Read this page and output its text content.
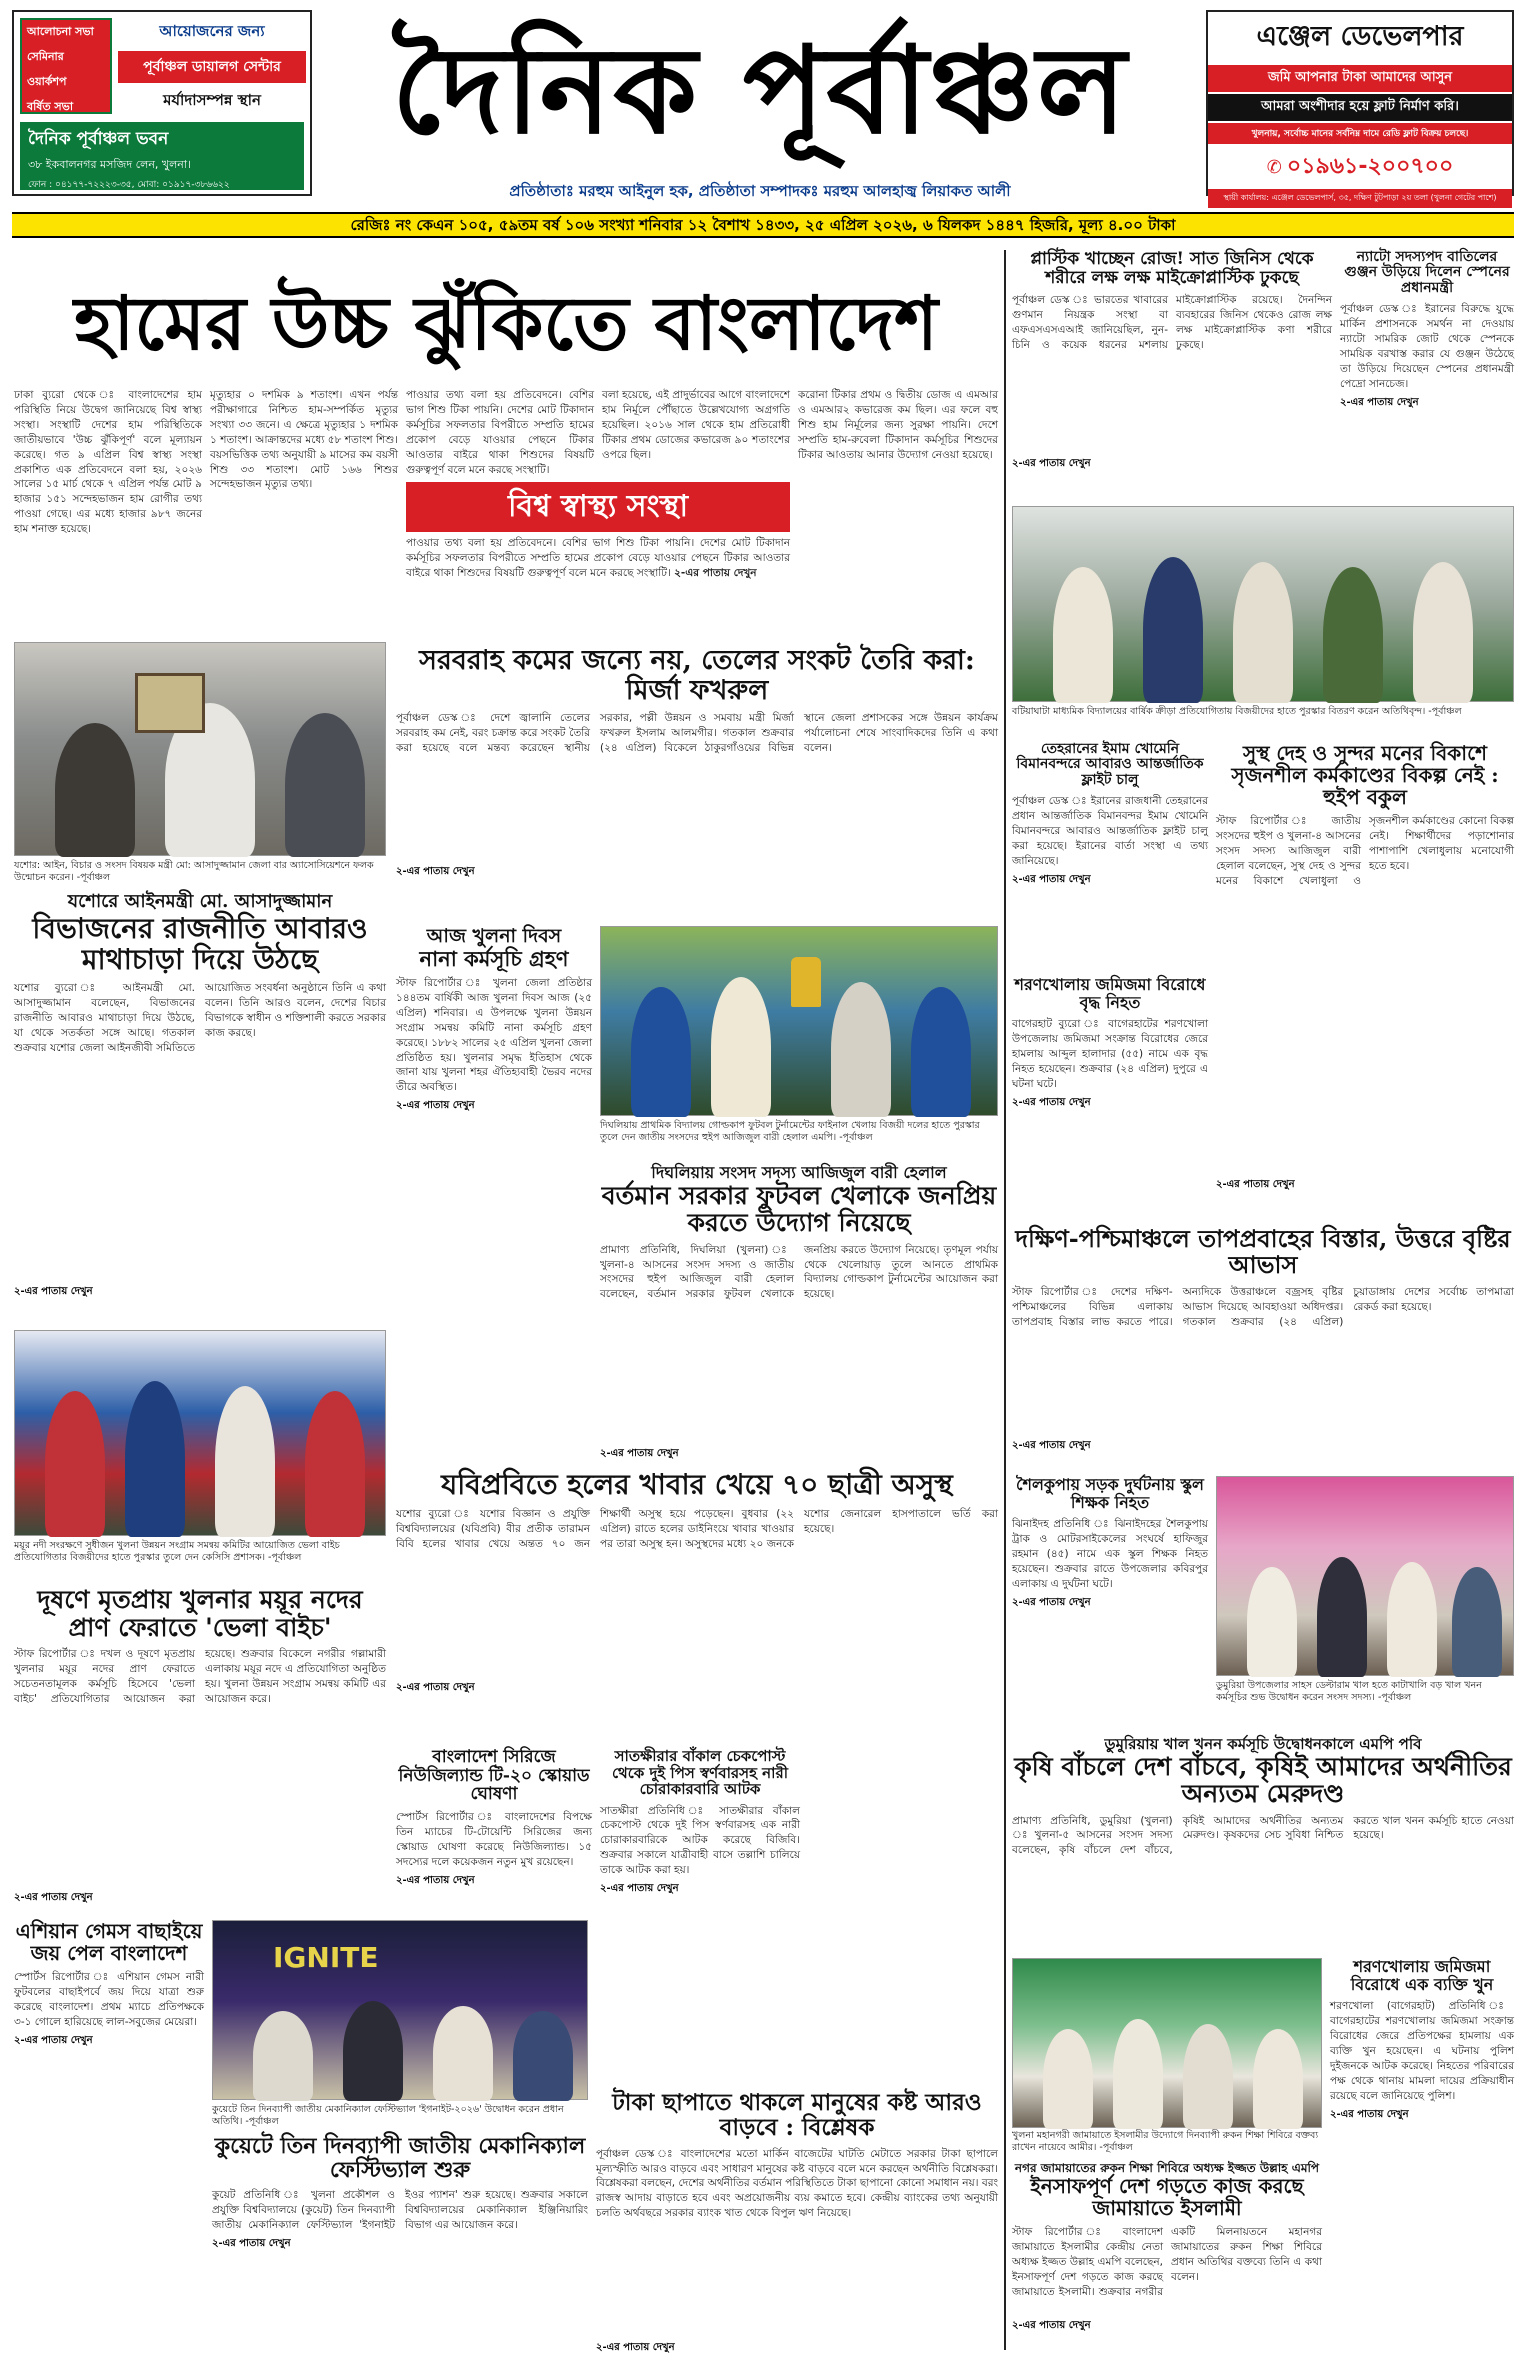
আলোচনা সভা
সেমিনার
ওয়ার্কশপ
বর্ষিত সভা
আয়োজনের জন্য
পূর্বাঞ্চল ডায়ালগ সেন্টার
মর্যাদাসম্পন্ন স্থান
দৈনিক পূর্বাঞ্চল ভবন
৩৮ ইকবালনগর মসজিদ লেন, খুলনা।
ফোন : ০৪১৭৭-৭২২২৩-৩৫, মোবা: ০১৯১৭-৩৮৬৬২২
দৈনিক পূর্বাঞ্চল	এঞ্জেল ডেভেলপার
জমি আপনার টাকা আমাদের আসুন
আমরা অংশীদার হয়ে ফ্লাট নির্মাণ করি।
খুলনায়, সর্বোচ্চ মানের সর্বনিম্ন দামে রেডি ফ্লাট বিক্রয় চলছে।
✆ ০১৯৬১-২০০৭০০
স্থায়ী কার্যালয়: এঞ্জেল ডেভেলপার্স, ৩৫, দক্ষিণ টুটপাড়া ২য় তলা (খুলনা গেটের পাশে)
প্রতিষ্ঠাতাঃ মরহুম আইনুল হক, প্রতিষ্ঠাতা সম্পাদকঃ মরহুম আলহাজ্ব লিয়াকত আলী
রেজিঃ নং কেএন ১০৫, ৫৯তম বর্ষ ১০৬ সংখ্যা শনিবার ১২ বৈশাখ ১৪৩৩, ২৫ এপ্রিল ২০২৬, ৬ যিলকদ ১৪৪৭ হিজরি, মূল্য ৪.০০ টাকা
হামের উচ্চ ঝুঁকিতে বাংলাদেশ
ঢাকা ব্যুরো থেকে ঃ বাংলাদেশের হাম পরিস্থিতি নিয়ে উদ্বেগ জানিয়েছে বিশ্ব স্বাস্থ্য সংস্থা। সংস্থাটি দেশের হাম পরিস্থিতিকে জাতীয়ভাবে 'উচ্চ ঝুঁকিপূর্ণ' বলে মূল্যায়ন করেছে। গত ৯ এপ্রিল বিশ্ব স্বাস্থ্য সংস্থা প্রকাশিত এক প্রতিবেদনে বলা হয়, ২০২৬ সালের ১৫ মার্চ থেকে ৭ এপ্রিল পর্যন্ত মোট ৯ হাজার ১৫১ সন্দেহভাজন হাম রোগীর তথ্য পাওয়া গেছে। এর মধ্যে হাজার ৯৮৭ জনের হাম শনাক্ত হয়েছে।
মৃত্যুহার ০ দশমিক ৯ শতাংশ। এখন পর্যন্ত পরীক্ষাগারে নিশ্চিত হাম-সম্পর্কিত মৃত্যুর সংখ্যা ৩৩ জনে। এ ক্ষেত্রে মৃত্যুহার ১ দশমিক ১ শতাংশ। আক্রান্তদের মধ্যে ৫৮ শতাংশ শিশু। বয়সভিত্তিক তথ্য অনুযায়ী ৯ মাসের কম বয়সী শিশু ৩৩ শতাংশ। মোট ১৬৬ শিশুর সন্দেহভাজন মৃত্যুর তথ্য।
পাওয়ার তথ্য বলা হয় প্রতিবেদনে। বেশির ভাগ শিশু টিকা পায়নি। দেশের মোট টিকাদান কর্মসূচির সফলতার বিপরীতে সম্প্রতি হামের প্রকোপ বেড়ে যাওয়ার পেছনে টিকার আওতার বাইরে থাকা শিশুদের বিষয়টি গুরুত্বপূর্ণ বলে মনে করছে সংস্থাটি।
বলা হয়েছে, এই প্রাদুর্ভাবের আগে বাংলাদেশে হাম নির্মূলে পৌঁছাতে উল্লেখযোগ্য অগ্রগতি হয়েছিল। ২০১৬ সাল থেকে হাম প্রতিরোধী টিকার প্রথম ডোজের কভারেজ ৯০ শতাংশের ওপরে ছিল।
বিশ্ব স্বাস্থ্য সংস্থা
পাওয়ার তথ্য বলা হয় প্রতিবেদনে। বেশির ভাগ শিশু টিকা পায়নি। দেশের মোট টিকাদান কর্মসূচির সফলতার বিপরীতে সম্প্রতি হামের প্রকোপ বেড়ে যাওয়ার পেছনে টিকার আওতার বাইরে থাকা শিশুদের বিষয়টি গুরুত্বপূর্ণ বলে মনে করছে সংস্থাটি। ২-এর পাতায় দেখুন
করোনা টিকার প্রথম ও দ্বিতীয় ডোজ এ এমআর ও এমআর২ কভারেজ কম ছিল। এর ফলে বহু শিশু হাম নির্মূলের জন্য সুরক্ষা পায়নি। দেশে সম্প্রতি হাম-রুবেলা টিকাদান কর্মসূচির শিশুদের টিকার আওতায় আনার উদ্যোগ নেওয়া হয়েছে।
যশোর: আইন, বিচার ও সংসদ বিষয়ক মন্ত্রী মো: আসাদুজ্জামান জেলা বার অ্যাসোসিয়েশনে ফলক উন্মোচন করেন। -পূর্বাঞ্চল
যশোরে আইনমন্ত্রী মো. আসাদুজ্জামান
বিভাজনের রাজনীতি আবারও মাথাচাড়া দিয়ে উঠছে
যশোর ব্যুরো ঃ আইনমন্ত্রী মো. আসাদুজ্জামান বলেছেন, বিভাজনের রাজনীতি আবারও মাথাচাড়া দিয়ে উঠছে, যা থেকে সতর্কতা সঙ্গে আছে। গতকাল শুক্রবার যশোর জেলা আইনজীবী সমিতিতে আয়োজিত সংবর্ধনা অনুষ্ঠানে তিনি এ কথা বলেন। তিনি আরও বলেন, দেশের বিচার বিভাগকে স্বাধীন ও শক্তিশালী করতে সরকার কাজ করছে।
২-এর পাতায় দেখুন
ময়ূর নদী সংরক্ষণে সুধীজন খুলনা উন্নয়ন সংগ্রাম সমন্বয় কমিটির আয়োজিত ভেলা বাইচ প্রতিযোগিতার বিজয়ীদের হাতে পুরস্কার তুলে দেন কেসিসি প্রশাসক। -পূর্বাঞ্চল
দূষণে মৃতপ্রায় খুলনার ময়ূর নদের প্রাণ ফেরাতে 'ভেলা বাইচ'
স্টাফ রিপোর্টার ঃ দখল ও দূষণে মৃতপ্রায় খুলনার ময়ূর নদের প্রাণ ফেরাতে সচেতনতামূলক কর্মসূচি হিসেবে 'ভেলা বাইচ' প্রতিযোগিতার আয়োজন করা হয়েছে। শুক্রবার বিকেলে নগরীর গল্লামারী এলাকায় ময়ূর নদে এ প্রতিযোগিতা অনুষ্ঠিত হয়। খুলনা উন্নয়ন সংগ্রাম সমন্বয় কমিটি এর আয়োজন করে।
২-এর পাতায় দেখুন
এশিয়ান গেমস বাছাইয়ে জয় পেল বাংলাদেশ
স্পোর্টস রিপোর্টার ঃ এশিয়ান গেমস নারী ফুটবলের বাছাইপর্বে জয় দিয়ে যাত্রা শুরু করেছে বাংলাদেশ। প্রথম ম্যাচে প্রতিপক্ষকে ৩-১ গোলে হারিয়েছে লাল-সবুজের মেয়েরা।
২-এর পাতায় দেখুন
IGNITE
কুয়েটে তিন দিনব্যাপী জাতীয় মেকানিক্যাল ফেস্টিভ্যাল 'ইগনাইট-২০২৬' উদ্বোধন করেন প্রধান অতিথি। -পূর্বাঞ্চল
কুয়েটে তিন দিনব্যাপী জাতীয় মেকানিক্যাল ফেস্টিভ্যাল শুরু
কুয়েট প্রতিনিধি ঃ খুলনা প্রকৌশল ও প্রযুক্তি বিশ্ববিদ্যালয়ে (কুয়েট) তিন দিনব্যাপী জাতীয় মেকানিক্যাল ফেস্টিভ্যাল 'ইগনাইট ইওর প্যাশন' শুরু হয়েছে। শুক্রবার সকালে বিশ্ববিদ্যালয়ের মেকানিক্যাল ইঞ্জিনিয়ারিং বিভাগ এর আয়োজন করে।
২-এর পাতায় দেখুন
সরবরাহ কমের জন্যে নয়, তেলের সংকট তৈরি করা: মির্জা ফখরুল
পূর্বাঞ্চল ডেস্ক ঃ দেশে জ্বালানি তেলের সরবরাহ কম নেই, বরং চক্রান্ত করে সংকট তৈরি করা হয়েছে বলে মন্তব্য করেছেন স্থানীয় সরকার, পল্লী উন্নয়ন ও সমবায় মন্ত্রী মির্জা ফখরুল ইসলাম আলমগীর। গতকাল শুক্রবার (২৪ এপ্রিল) বিকেলে ঠাকুরগাঁওয়ের বিভিন্ন স্থানে জেলা প্রশাসকের সঙ্গে উন্নয়ন কার্যক্রম পর্যালোচনা শেষে সাংবাদিকদের তিনি এ কথা বলেন।
২-এর পাতায় দেখুন
আজ খুলনা দিবস
নানা কর্মসূচি গ্রহণ
স্টাফ রিপোর্টার ঃ খুলনা জেলা প্রতিষ্ঠার ১৪৪তম বার্ষিকী আজ খুলনা দিবস আজ (২৫ এপ্রিল) শনিবার। এ উপলক্ষে খুলনা উন্নয়ন সংগ্রাম সমন্বয় কমিটি নানা কর্মসূচি গ্রহণ করেছে। ১৮৮২ সালের ২৫ এপ্রিল খুলনা জেলা প্রতিষ্ঠিত হয়। খুলনার সমৃদ্ধ ইতিহাস থেকে জানা যায় খুলনা শহর ঐতিহ্যবাহী ভৈরব নদের তীরে অবস্থিত।
২-এর পাতায় দেখুন
দিঘলিয়ায় প্রাথমিক বিদ্যালয় গোল্ডকাপ ফুটবল টুর্নামেন্টের ফাইনাল খেলায় বিজয়ী দলের হাতে পুরস্কার তুলে দেন জাতীয় সংসদের হুইপ আজিজুল বারী হেলাল এমপি। -পূর্বাঞ্চল
দিঘলিয়ায় সংসদ সদস্য আজিজুল বারী হেলাল
বর্তমান সরকার ফুটবল খেলাকে জনপ্রিয় করতে উদ্যোগ নিয়েছে
প্রামাণ্য প্রতিনিধি, দিঘলিয়া (খুলনা) ঃ খুলনা-৪ আসনের সংসদ সদস্য ও জাতীয় সংসদের হুইপ আজিজুল বারী হেলাল বলেছেন, বর্তমান সরকার ফুটবল খেলাকে জনপ্রিয় করতে উদ্যোগ নিয়েছে। তৃণমূল পর্যায় থেকে খেলোয়াড় তুলে আনতে প্রাথমিক বিদ্যালয় গোল্ডকাপ টুর্নামেন্টের আয়োজন করা হয়েছে।
২-এর পাতায় দেখুন
যবিপ্রবিতে হলের খাবার খেয়ে ৭০ ছাত্রী অসুস্থ
যশোর ব্যুরো ঃ যশোর বিজ্ঞান ও প্রযুক্তি বিশ্ববিদ্যালয়ের (যবিপ্রবি) বীর প্রতীক তারামন বিবি হলের খাবার খেয়ে অন্তত ৭০ জন শিক্ষার্থী অসুস্থ হয়ে পড়েছেন। বুধবার (২২ এপ্রিল) রাতে হলের ডাইনিংয়ে খাবার খাওয়ার পর তারা অসুস্থ হন। অসুস্থদের মধ্যে ২০ জনকে যশোর জেনারেল হাসপাতালে ভর্তি করা হয়েছে।
২-এর পাতায় দেখুন
বাংলাদেশ সিরিজে নিউজিল্যান্ড টি-২০ স্কোয়াড ঘোষণা
স্পোর্টস রিপোর্টার ঃ বাংলাদেশের বিপক্ষে তিন ম্যাচের টি-টোয়েন্টি সিরিজের জন্য স্কোয়াড ঘোষণা করেছে নিউজিল্যান্ড। ১৫ সদস্যের দলে কয়েকজন নতুন মুখ রয়েছেন।
২-এর পাতায় দেখুন
সাতক্ষীরার বাঁকাল চেকপোস্ট থেকে দুই পিস স্বর্ণবারসহ নারী চোরাকারবারি আটক
সাতক্ষীরা প্রতিনিধি ঃ সাতক্ষীরার বাঁকাল চেকপোস্ট থেকে দুই পিস স্বর্ণবারসহ এক নারী চোরাকারবারিকে আটক করেছে বিজিবি। শুক্রবার সকালে যাত্রীবাহী বাসে তল্লাশি চালিয়ে তাকে আটক করা হয়।
২-এর পাতায় দেখুন
টাকা ছাপাতে থাকলে মানুষের কষ্ট আরও বাড়বে : বিশ্লেষক
পূর্বাঞ্চল ডেস্ক ঃ বাংলাদেশের মতো মার্কিন বাজেটের ঘাটতি মেটাতে সরকার টাকা ছাপালে মূল্যস্ফীতি আরও বাড়বে এবং সাধারণ মানুষের কষ্ট বাড়বে বলে মনে করছেন অর্থনীতি বিশ্লেষকরা। বিশ্লেষকরা বলছেন, দেশের অর্থনীতির বর্তমান পরিস্থিতিতে টাকা ছাপানো কোনো সমাধান নয়। বরং রাজস্ব আদায় বাড়াতে হবে এবং অপ্রয়োজনীয় ব্যয় কমাতে হবে। কেন্দ্রীয় ব্যাংকের তথ্য অনুযায়ী চলতি অর্থবছরে সরকার ব্যাংক খাত থেকে বিপুল ঋণ নিয়েছে।
২-এর পাতায় দেখুন
প্লাস্টিক খাচ্ছেন রোজ! সাত জিনিস থেকে শরীরে লক্ষ লক্ষ মাইক্রোপ্লাস্টিক ঢুকছে
পূর্বাঞ্চল ডেস্ক ঃ ভারতের খাবারের গুণমান নিয়ন্ত্রক সংস্থা বা এফএসএসএআই জানিয়েছিল, নুন-চিনি ও কয়েক ধরনের মশলায় মাইক্রোপ্লাস্টিক রয়েছে। দৈনন্দিন ব্যবহারের জিনিস থেকেও রোজ লক্ষ লক্ষ মাইক্রোপ্লাস্টিক কণা শরীরে ঢুকছে।
২-এর পাতায় দেখুন
ন্যাটো সদস্যপদ বাতিলের গুঞ্জন উড়িয়ে দিলেন স্পেনের প্রধানমন্ত্রী
পূর্বাঞ্চল ডেস্ক ঃ ইরানের বিরুদ্ধে যুদ্ধে মার্কিন প্রশাসনকে সমর্থন না দেওয়ায় ন্যাটো সামরিক জোট থেকে স্পেনকে সাময়িক বরখাস্ত করার যে গুঞ্জন উঠেছে তা উড়িয়ে দিয়েছেন স্পেনের প্রধানমন্ত্রী পেদ্রো সানচেজ।
২-এর পাতায় দেখুন
বটিয়াঘাটা মাধ্যমিক বিদ্যালয়ের বার্ষিক ক্রীড়া প্রতিযোগিতায় বিজয়ীদের হাতে পুরস্কার বিতরণ করেন অতিথিবৃন্দ। -পূর্বাঞ্চল
তেহরানের ইমাম খোমেনি বিমানবন্দরে আবারও আন্তর্জাতিক ফ্লাইট চালু
পূর্বাঞ্চল ডেস্ক ঃ ইরানের রাজধানী তেহরানের প্রধান আন্তর্জাতিক বিমানবন্দর ইমাম খোমেনি বিমানবন্দরে আবারও আন্তর্জাতিক ফ্লাইট চালু করা হয়েছে। ইরানের বার্তা সংস্থা এ তথ্য জানিয়েছে।
২-এর পাতায় দেখুন
শরণখোলায় জমিজমা বিরোধে বৃদ্ধ নিহত
বাগেরহাট ব্যুরো ঃ বাগেরহাটের শরণখোলা উপজেলায় জমিজমা সংক্রান্ত বিরোধের জেরে হামলায় আব্দুল হালাদার (৫৫) নামে এক বৃদ্ধ নিহত হয়েছেন। শুক্রবার (২৪ এপ্রিল) দুপুরে এ ঘটনা ঘটে।
২-এর পাতায় দেখুন
সুস্থ দেহ ও সুন্দর মনের বিকাশে সৃজনশীল কর্মকাণ্ডের বিকল্প নেই : হুইপ বকুল
স্টাফ রিপোর্টার ঃ জাতীয় সংসদের হুইপ ও খুলনা-৪ আসনের সংসদ সদস্য আজিজুল বারী হেলাল বলেছেন, সুস্থ দেহ ও সুন্দর মনের বিকাশে খেলাধুলা ও সৃজনশীল কর্মকাণ্ডের কোনো বিকল্প নেই। শিক্ষার্থীদের পড়াশোনার পাশাপাশি খেলাধুলায় মনোযোগী হতে হবে।
২-এর পাতায় দেখুন
দক্ষিণ-পশ্চিমাঞ্চলে তাপপ্রবাহের বিস্তার, উত্তরে বৃষ্টির আভাস
স্টাফ রিপোর্টার ঃ দেশের দক্ষিণ-পশ্চিমাঞ্চলের বিভিন্ন এলাকায় তাপপ্রবাহ বিস্তার লাভ করতে পারে। অন্যদিকে উত্তরাঞ্চলে বজ্রসহ বৃষ্টির আভাস দিয়েছে আবহাওয়া অধিদপ্তর। গতকাল শুক্রবার (২৪ এপ্রিল) চুয়াডাঙ্গায় দেশের সর্বোচ্চ তাপমাত্রা রেকর্ড করা হয়েছে।
২-এর পাতায় দেখুন
শৈলকুপায় সড়ক দুর্ঘটনায় স্কুল শিক্ষক নিহত
ঝিনাইদহ প্রতিনিধি ঃ ঝিনাইদহের শৈলকুপায় ট্রাক ও মোটরসাইকেলের সংঘর্ষে হাফিজুর রহমান (৪৫) নামে এক স্কুল শিক্ষক নিহত হয়েছেন। শুক্রবার রাতে উপজেলার কবিরপুর এলাকায় এ দুর্ঘটনা ঘটে।
২-এর পাতায় দেখুন
ডুমুরিয়া উপজেলার সাহস ডেল্টারাম খাল হতে কাটাখালি বড় খাল খনন কর্মসূচির শুভ উদ্বোধন করেন সংসদ সদস্য। -পূর্বাঞ্চল
ডুমুরিয়ায় খাল খনন কর্মসূচি উদ্বোধনকালে এমপি পবি
কৃষি বাঁচলে দেশ বাঁচবে, কৃষিই আমাদের অর্থনীতির অন্যতম মেরুদণ্ড
প্রামাণ্য প্রতিনিধি, ডুমুরিয়া (খুলনা) ঃ খুলনা-৫ আসনের সংসদ সদস্য বলেছেন, কৃষি বাঁচলে দেশ বাঁচবে, কৃষিই আমাদের অর্থনীতির অন্যতম মেরুদণ্ড। কৃষকদের সেচ সুবিধা নিশ্চিত করতে খাল খনন কর্মসূচি হাতে নেওয়া হয়েছে।
খুলনা মহানগরী জামায়াতে ইসলামীর উদ্যোগে দিনব্যাপী রুকন শিক্ষা শিবিরে বক্তব্য রাখেন নায়েবে আমীর। -পূর্বাঞ্চল
নগর জামায়াতের রুকন শিক্ষা শিবিরে অধ্যক্ষ ইজ্জত উল্লাহ এমপি
ইনসাফপূর্ণ দেশ গড়তে কাজ করছে জামায়াতে ইসলামী
স্টাফ রিপোর্টার ঃ বাংলাদেশ জামায়াতে ইসলামীর কেন্দ্রীয় নেতা অধ্যক্ষ ইজ্জত উল্লাহ এমপি বলেছেন, ইনসাফপূর্ণ দেশ গড়তে কাজ করছে জামায়াতে ইসলামী। শুক্রবার নগরীর একটি মিলনায়তনে মহানগর জামায়াতের রুকন শিক্ষা শিবিরে প্রধান অতিথির বক্তব্যে তিনি এ কথা বলেন।
২-এর পাতায় দেখুন
শরণখোলায় জমিজমা বিরোধে এক ব্যক্তি খুন
শরণখোলা (বাগেরহাট) প্রতিনিধি ঃ বাগেরহাটের শরণখোলায় জমিজমা সংক্রান্ত বিরোধের জেরে প্রতিপক্ষের হামলায় এক ব্যক্তি খুন হয়েছেন। এ ঘটনায় পুলিশ দুইজনকে আটক করেছে। নিহতের পরিবারের পক্ষ থেকে থানায় মামলা দায়ের প্রক্রিয়াধীন রয়েছে বলে জানিয়েছে পুলিশ।
২-এর পাতায় দেখুন
